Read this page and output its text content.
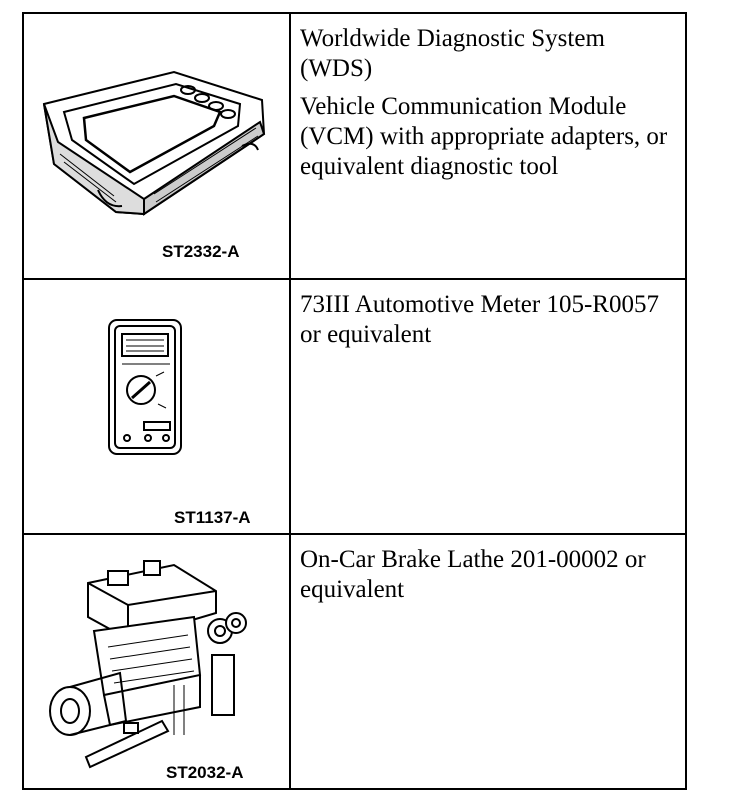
ST2332-A

Worldwide Diagnostic System (WDS)

Vehicle Communication Module (VCM) with appropriate adapters, or equivalent diagnostic tool

ST1137-A

73III Automotive Meter 105-R0057 or equivalent

ST2032-A

On-Car Brake Lathe 201-00002 or equivalent
